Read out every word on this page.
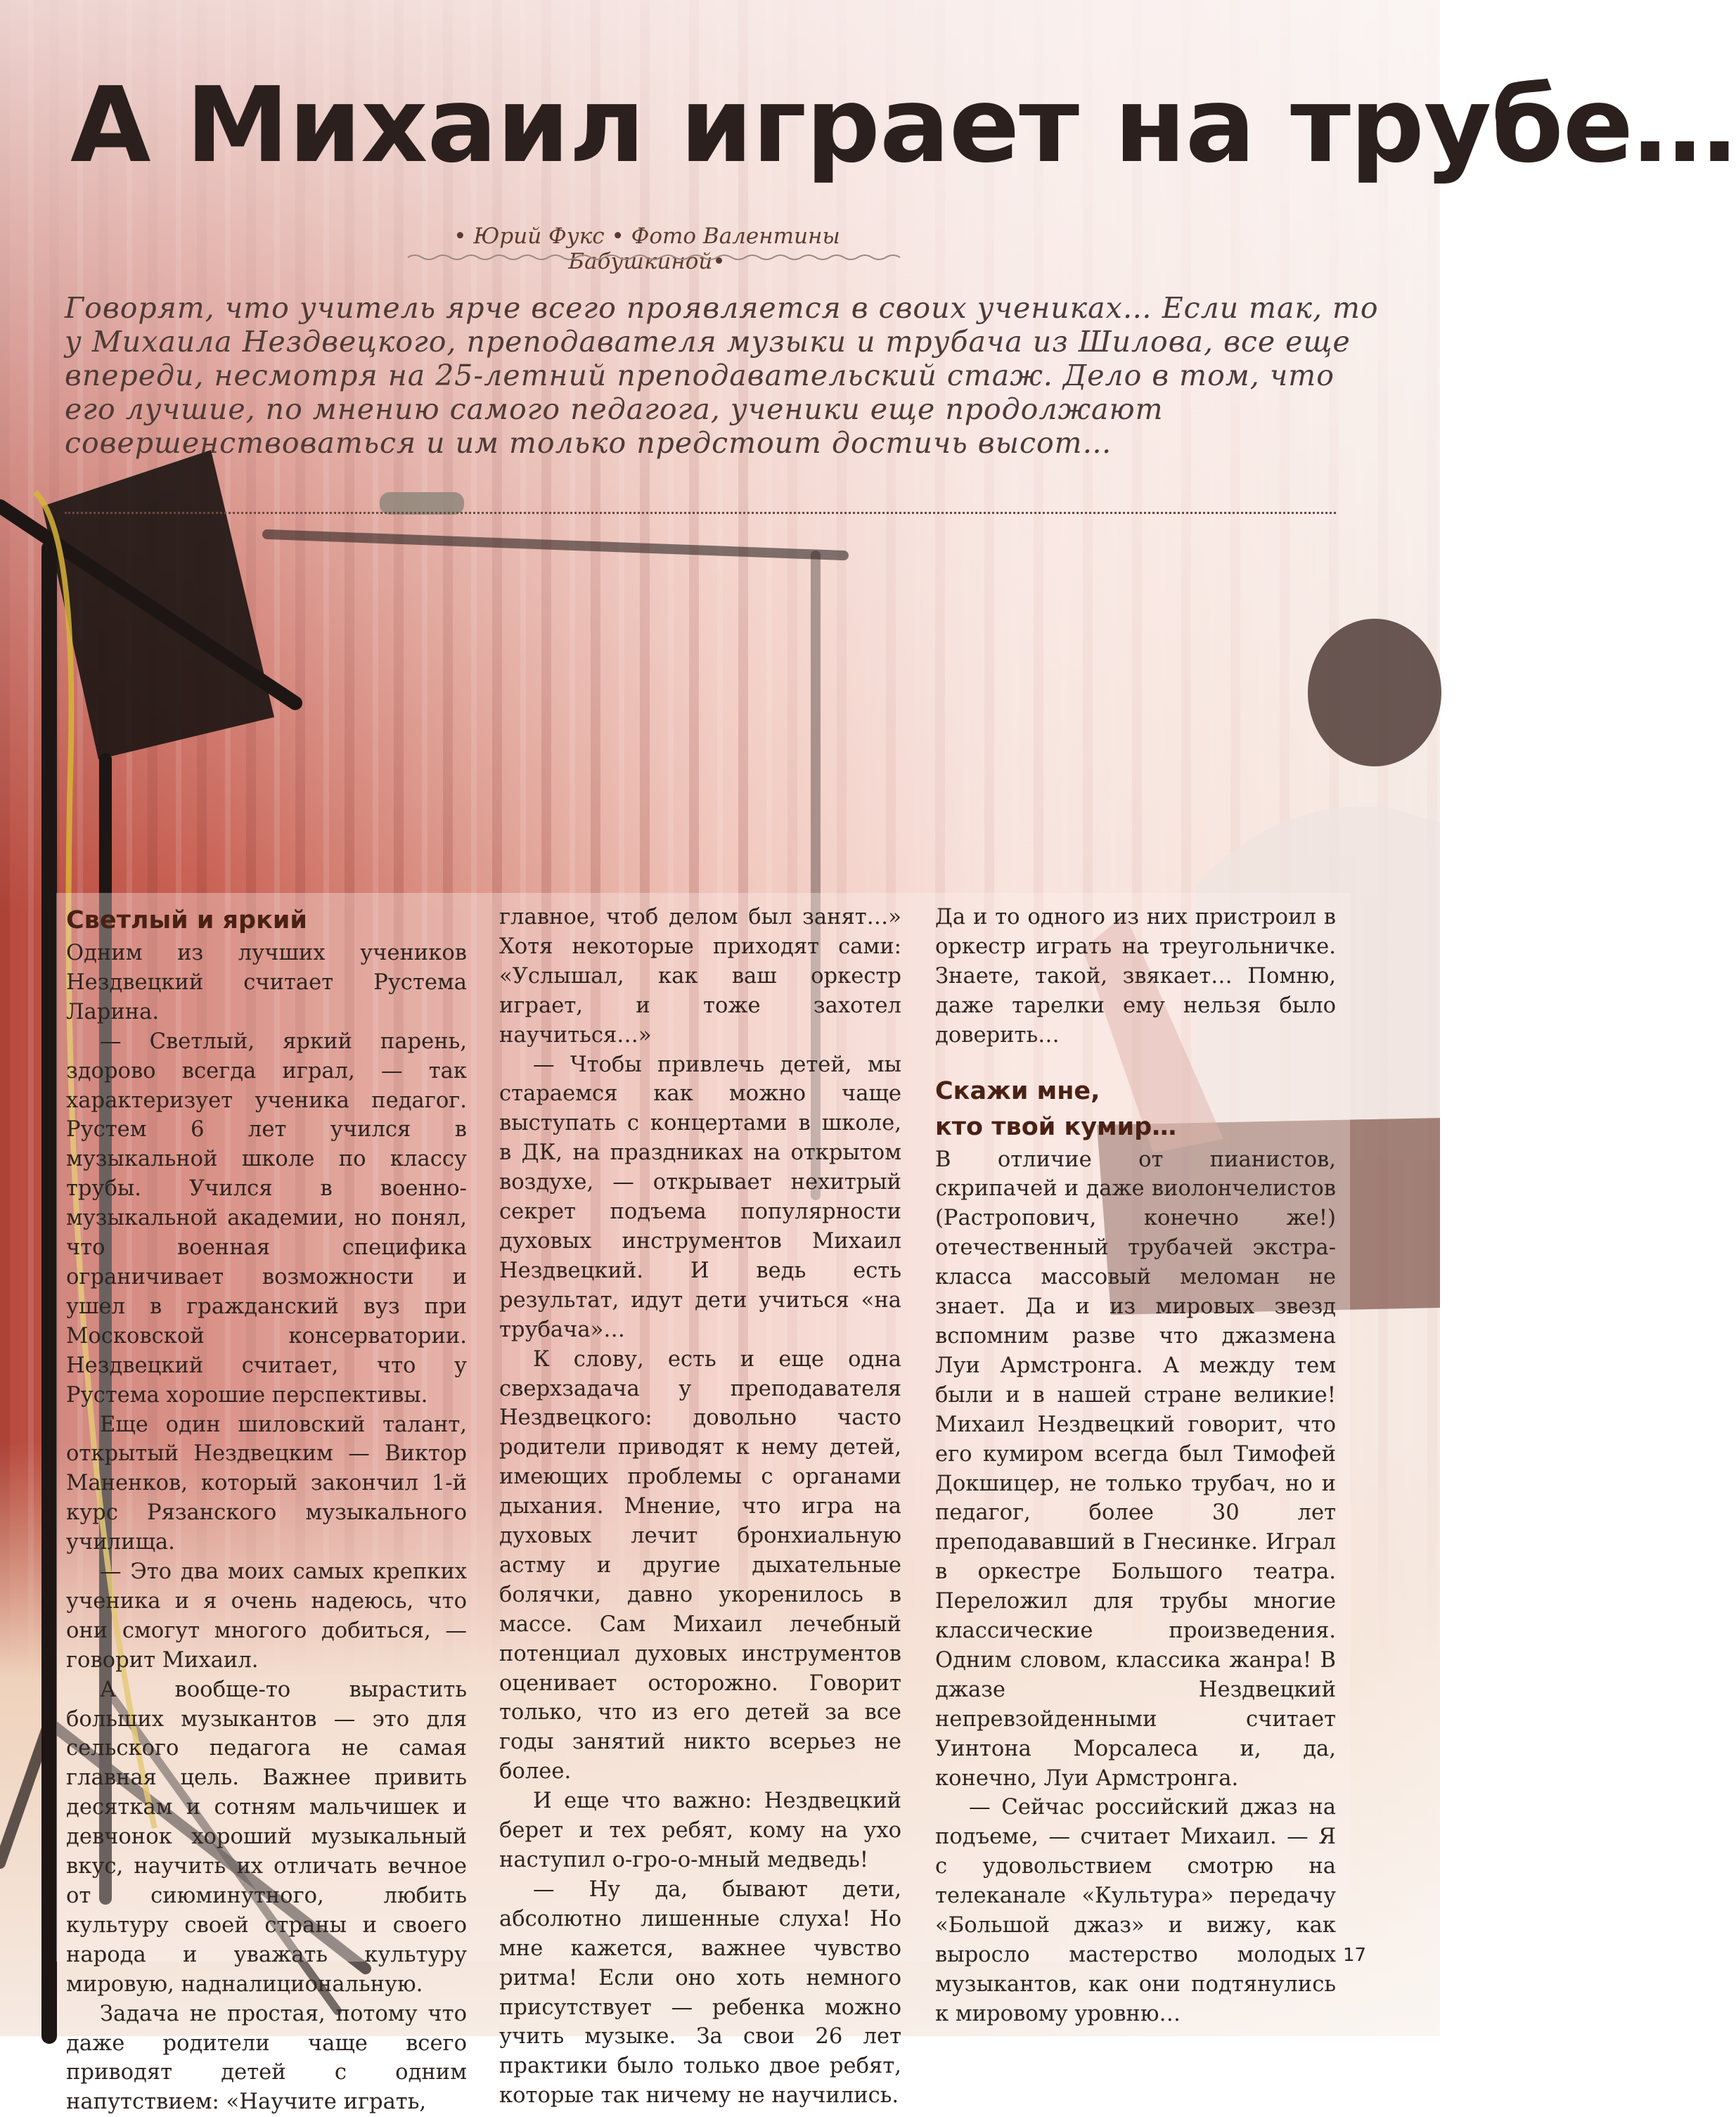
А Михаил играет на трубе…
• Юрий Фукс • Фото Валентины Бабушкиной•
Говорят, что учитель ярче всего проявляется в своих учениках… Если так, то у Михаила Нездвецкого, преподавателя музыки и трубача из Шилова, все еще впереди, несмотря на 25-летний преподавательский стаж. Дело в том, что его лучшие, по мнению самого педагога, ученики еще продолжают совершенствоваться и им только предстоит достичь высот…
Светлый и яркий

Одним из лучших учеников Нездвецкий считает Рустема Ларина.

— Светлый, яркий парень, здорово всегда играл, — так характеризует ученика педагог. Рустем 6 лет учился в музыкальной школе по классу трубы. Учился в военно-музыкальной академии, но понял, что военная специфика ограничивает возможности и ушел в гражданский вуз при Московской консерватории. Нездвецкий считает, что у Рустема хорошие перспективы.

Еще один шиловский талант, открытый Нездвецким — Виктор Маненков, который закончил 1-й курс Рязанского музыкального училища.

— Это два моих самых крепких ученика и я очень надеюсь, что они смогут многого добиться, — говорит Михаил.

А вообще-то вырастить больших музыкантов — это для сельского педагога не самая главная цель. Важнее привить десяткам и сотням мальчишек и девчонок хороший музыкальный вкус, научить их отличать вечное от сиюминутного, любить культуру своей страны и своего народа и уважать культуру мировую, надналициональную.

Задача не простая, потому что даже родители чаще всего приводят детей с одним напутствием: «Научите играть,

главное, чтоб делом был занят…» Хотя некоторые приходят сами: «Услышал, как ваш оркестр играет, и тоже захотел научиться…»

— Чтобы привлечь детей, мы стараемся как можно чаще выступать с концертами в школе, в ДК, на праздниках на открытом воздухе, — открывает нехитрый секрет подъема популярности духовых инструментов Михаил Нездвецкий. И ведь есть результат, идут дети учиться «на трубача»…

К слову, есть и еще одна сверхзадача у преподавателя Нездвецкого: довольно часто родители приводят к нему детей, имеющих проблемы с органами дыхания. Мнение, что игра на духовых лечит бронхиальную астму и другие дыхательные болячки, давно укоренилось в массе. Сам Михаил лечебный потенциал духовых инструментов оценивает осторожно. Говорит только, что из его детей за все годы занятий никто всерьез не более.

И еще что важно: Нездвецкий берет и тех ребят, кому на ухо наступил о-гро-о-мный медведь!

— Ну да, бывают дети, абсолютно лишенные слуха! Но мне кажется, важнее чувство ритма! Если оно хоть немного присутствует — ребенка можно учить музыке. За свои 26 лет практики было только двое ребят, которые так ничему не научились.

Да и то одного из них пристроил в оркестр играть на треугольничке. Знаете, такой, звякает… Помню, даже тарелки ему нельзя было доверить…

Скажи мне,
кто твой кумир…

В отличие от пианистов, скрипачей и даже виолончелистов (Растропович, конечно же!) отечественный трубачей экстра-класса массовый меломан не знает. Да и из мировых звезд вспомним разве что джазмена Луи Армстронга. А между тем были и в нашей стране великие! Михаил Нездвецкий говорит, что его кумиром всегда был Тимофей Докшицер, не только трубач, но и педагог, более 30 лет преподававший в Гнесинке. Играл в оркестре Большого театра. Переложил для трубы многие классические произведения. Одним словом, классика жанра! В джазе Нездвецкий непревзойденными считает Уинтона Морсалеса и, да, конечно, Луи Армстронга.

— Сейчас российский джаз на подъеме, — считает Михаил. — Я с удовольствием смотрю на телеканале «Культура» передачу «Большой джаз» и вижу, как выросло мастерство молодых музыкантов, как они подтянулись к мировому уровню…

17
